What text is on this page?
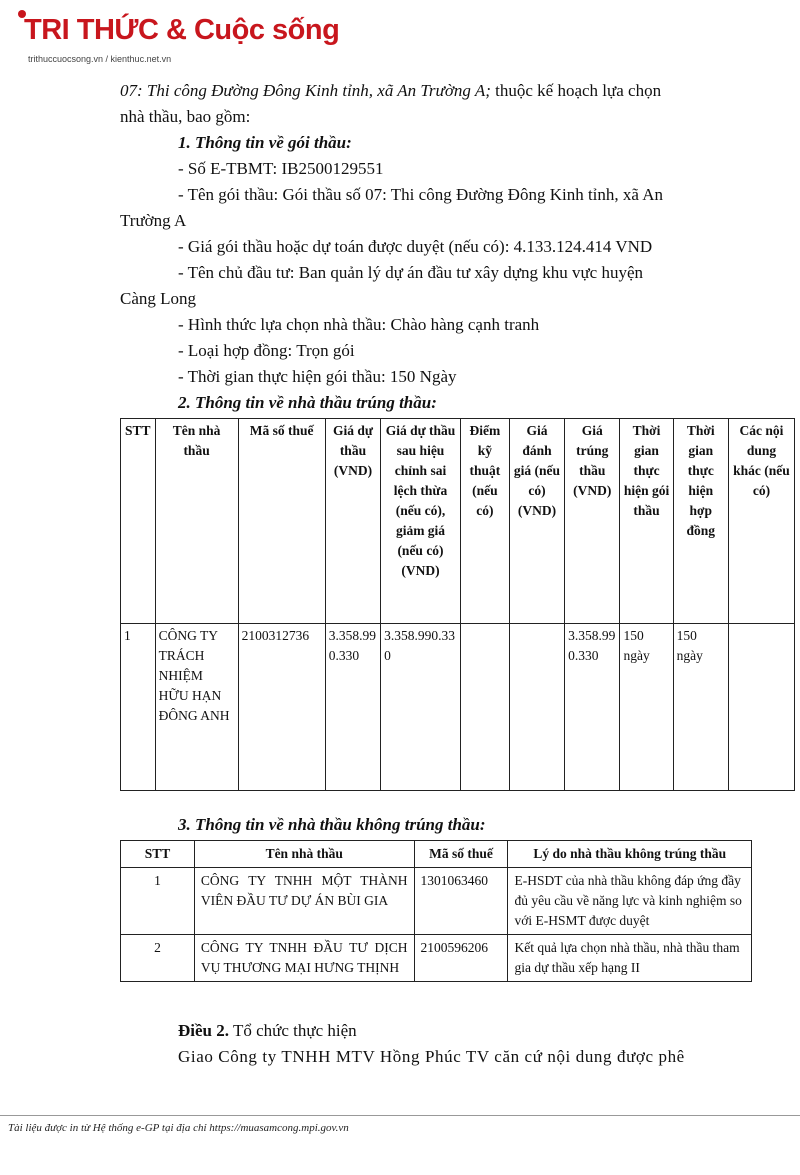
TRI THỨC & Cuộc sống
trithuccuocsong.vn / kienthuc.net.vn

07: Thi công Đường Đông Kinh tỉnh, xã An Trường A; thuộc kế hoạch lựa chọn

nhà thầu, bao gồm:

1. Thông tin về gói thầu:

- Số E-TBMT: IB2500129551

- Tên gói thầu: Gói thầu số 07: Thi công Đường Đông Kinh tỉnh, xã An

Trường A

- Giá gói thầu hoặc dự toán được duyệt (nếu có): 4.133.124.414 VND

- Tên chủ đầu tư: Ban quản lý dự án đầu tư xây dựng khu vực huyện

Càng Long

- Hình thức lựa chọn nhà thầu: Chào hàng cạnh tranh

- Loại hợp đồng: Trọn gói

- Thời gian thực hiện gói thầu: 150 Ngày

2. Thông tin về nhà thầu trúng thầu:

STT	Tên nhà thầu	Mã số thuế	Giá dự thầu (VND)	Giá dự thầu sau hiệu chỉnh sai lệch thừa (nếu có), giảm giá (nếu có) (VND)	Điểm kỹ thuật (nếu có)	Giá đánh giá (nếu có) (VND)	Giá trúng thầu (VND)	Thời gian thực hiện gói thầu	Thời gian thực hiện hợp đồng	Các nội dung khác (nếu có)
1	CÔNG TY TRÁCH NHIỆM HỮU HẠN ĐÔNG ANH	2100312736	3.358.990.330	3.358.990.330			3.358.990.330	150 ngày	150 ngày	

3. Thông tin về nhà thầu không trúng thầu:

STT	Tên nhà thầu	Mã số thuế	Lý do nhà thầu không trúng thầu
1	CÔNG TY TNHH MỘT THÀNH VIÊN ĐẦU TƯ DỰ ÁN BÙI GIA	1301063460	E-HSDT của nhà thầu không đáp ứng đầy đủ yêu cầu về năng lực và kinh nghiệm so với E-HSMT được duyệt
2	CÔNG TY TNHH ĐẦU TƯ DỊCH VỤ THƯƠNG MẠI HƯNG THỊNH	2100596206	Kết quả lựa chọn nhà thầu, nhà thầu tham gia dự thầu xếp hạng II

Điều 2. Tổ chức thực hiện

Giao Công ty TNHH MTV Hồng Phúc TV căn cứ nội dung được phê

Tài liệu được in từ Hệ thống e-GP tại địa chỉ https://muasamcong.mpi.gov.vn
